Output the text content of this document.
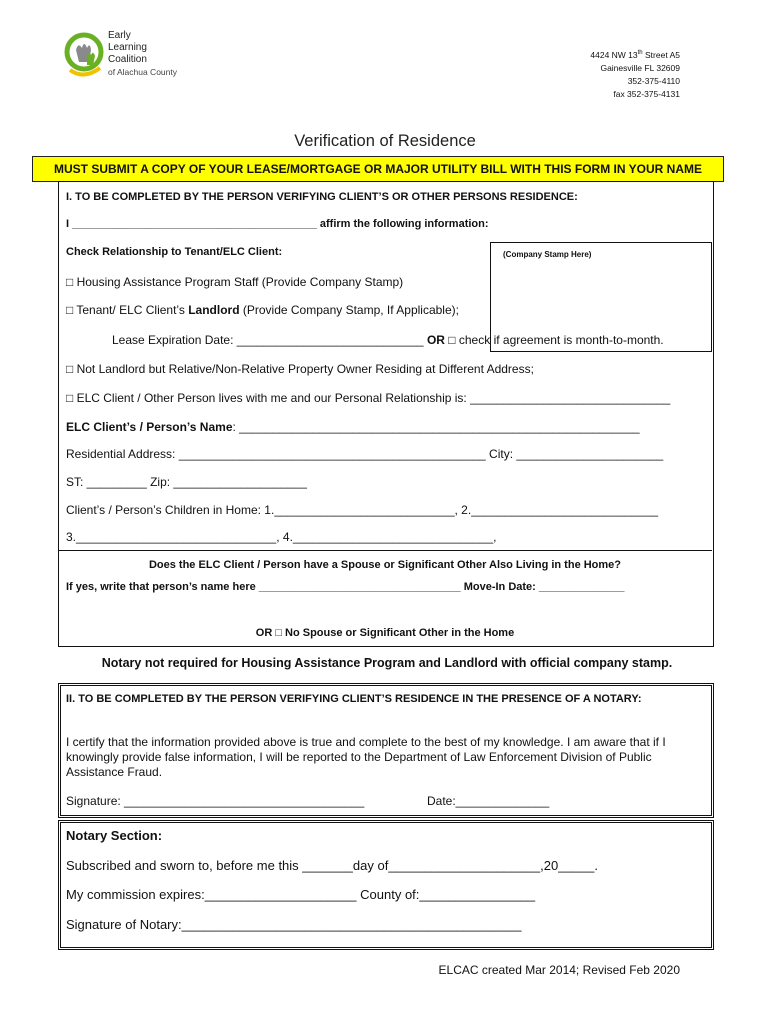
Early
Learning
Coalition
of Alachua County
4424 NW 13th Street A5
Gainesville FL 32609
352-375-4110
fax 352-375-4131
Verification of Residence
MUST SUBMIT A COPY OF YOUR LEASE/MORTGAGE OR MAJOR UTILITY BILL WITH THIS FORM IN YOUR NAME
I. TO BE COMPLETED BY THE PERSON VERIFYING CLIENT’S OR OTHER PERSONS RESIDENCE:
I ________________________________________ affirm the following information:
Check Relationship to Tenant/ELC Client:	(Company Stamp Here)
□ Housing Assistance Program Staff (Provide Company Stamp)
□ Tenant/ ELC Client’s Landlord (Provide Company Stamp, If Applicable);
Lease Expiration Date: ____________________________ OR □ check if agreement is month-to-month.
□ Not Landlord but Relative/Non-Relative Property Owner Residing at Different Address;
□ ELC Client / Other Person lives with me and our Personal Relationship is: ______________________________
ELC Client’s / Person’s Name: ____________________________________________________________
Residential Address: ______________________________________________ City: ______________________
ST: _________ Zip: ____________________
Client’s / Person’s Children in Home: 1.___________________________, 2.____________________________
3.______________________________, 4.______________________________,
Does the ELC Client / Person have a Spouse or Significant Other Also Living in the Home?
If yes, write that person’s name here _________________________________ Move-In Date: ______________
OR □ No Spouse or Significant Other in the Home
Notary not required for Housing Assistance Program and Landlord with official company stamp.
II. TO BE COMPLETED BY THE PERSON VERIFYING CLIENT’S RESIDENCE IN THE PRESENCE OF A NOTARY:
I certify that the information provided above is true and complete to the best of my knowledge. I am aware that if I knowingly provide false information, I will be reported to the Department of Law Enforcement Division of Public Assistance Fraud.
Signature: ____________________________________	Date:______________
Notary Section:
Subscribed and sworn to, before me this _______day of_____________________,20_____.
My commission expires:_____________________ County of:________________
Signature of Notary:_______________________________________________
ELCAC created Mar 2014; Revised Feb 2020
